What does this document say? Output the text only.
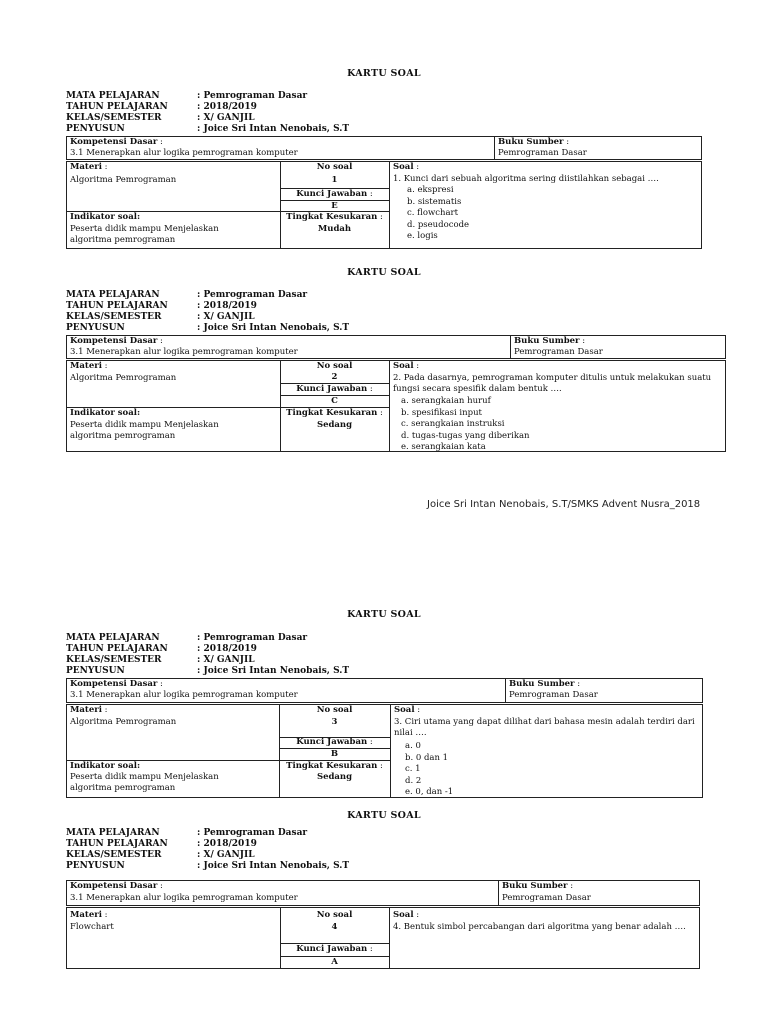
KARTU SOAL
MATA PELAJARAN	: Pemrograman Dasar
TAHUN PELAJARAN	: 2018/2019
KELAS/SEMESTER	: X/ GANJIL
PENYUSUN	: Joice Sri Intan Nenobais, S.T
Kompetensi Dasar :
3.1 Menerapkan alur logika pemrograman komputer
Buku Sumber :
Pemrograman Dasar
Materi :
Algoritma Pemrograman
No soal
1
Kunci Jawaban :
E
Indikator soal:
Peserta didik mampu Menjelaskan algoritma pemrograman
Tingkat Kesukaran :
Mudah
Soal :
1. Kunci dari sebuah algoritma sering diistilahkan sebagai ….
a. ekspresi
b. sistematis
c. flowchart
d. pseudocode
e. logis
KARTU SOAL
MATA PELAJARAN	: Pemrograman Dasar
TAHUN PELAJARAN	: 2018/2019
KELAS/SEMESTER	: X/ GANJIL
PENYUSUN	: Joice Sri Intan Nenobais, S.T
Kompetensi Dasar :
3.1 Menerapkan alur logika pemrograman komputer
Buku Sumber :
Pemrograman Dasar
Materi :
Algoritma Pemrograman
No soal
2
Kunci Jawaban :
C
Indikator soal:
Peserta didik mampu Menjelaskan algoritma pemrograman
Tingkat Kesukaran :
Sedang
Soal :
2. Pada dasarnya, pemrograman komputer ditulis untuk melakukan suatu fungsi secara spesifik dalam bentuk ….
a. serangkaian huruf
b. spesifikasi input
c. serangkaian instruksi
d. tugas-tugas yang diberikan
e. serangkaian kata
Joice Sri Intan Nenobais, S.T/SMKS Advent Nusra_2018
KARTU SOAL
MATA PELAJARAN	: Pemrograman Dasar
TAHUN PELAJARAN	: 2018/2019
KELAS/SEMESTER	: X/ GANJIL
PENYUSUN	: Joice Sri Intan Nenobais, S.T
Kompetensi Dasar :
3.1 Menerapkan alur logika pemrograman komputer
Buku Sumber :
Pemrograman Dasar
Materi :
Algoritma Pemrograman
No soal
3
Kunci Jawaban :
B
Indikator soal:
Peserta didik mampu Menjelaskan algoritma pemrograman
Tingkat Kesukaran :
Sedang
Soal :
3. Ciri utama yang dapat dilihat dari bahasa mesin adalah terdiri dari nilai ….
a. 0
b. 0 dan 1
c. 1
d. 2
e. 0, dan -1
KARTU SOAL
MATA PELAJARAN	: Pemrograman Dasar
TAHUN PELAJARAN	: 2018/2019
KELAS/SEMESTER	: X/ GANJIL
PENYUSUN	: Joice Sri Intan Nenobais, S.T
Kompetensi Dasar :
3.1 Menerapkan alur logika pemrograman komputer
Buku Sumber :
Pemrograman Dasar
Materi :
Flowchart
No soal
4
Kunci Jawaban :
A
Soal :
4. Bentuk simbol percabangan dari algoritma yang benar adalah ….
